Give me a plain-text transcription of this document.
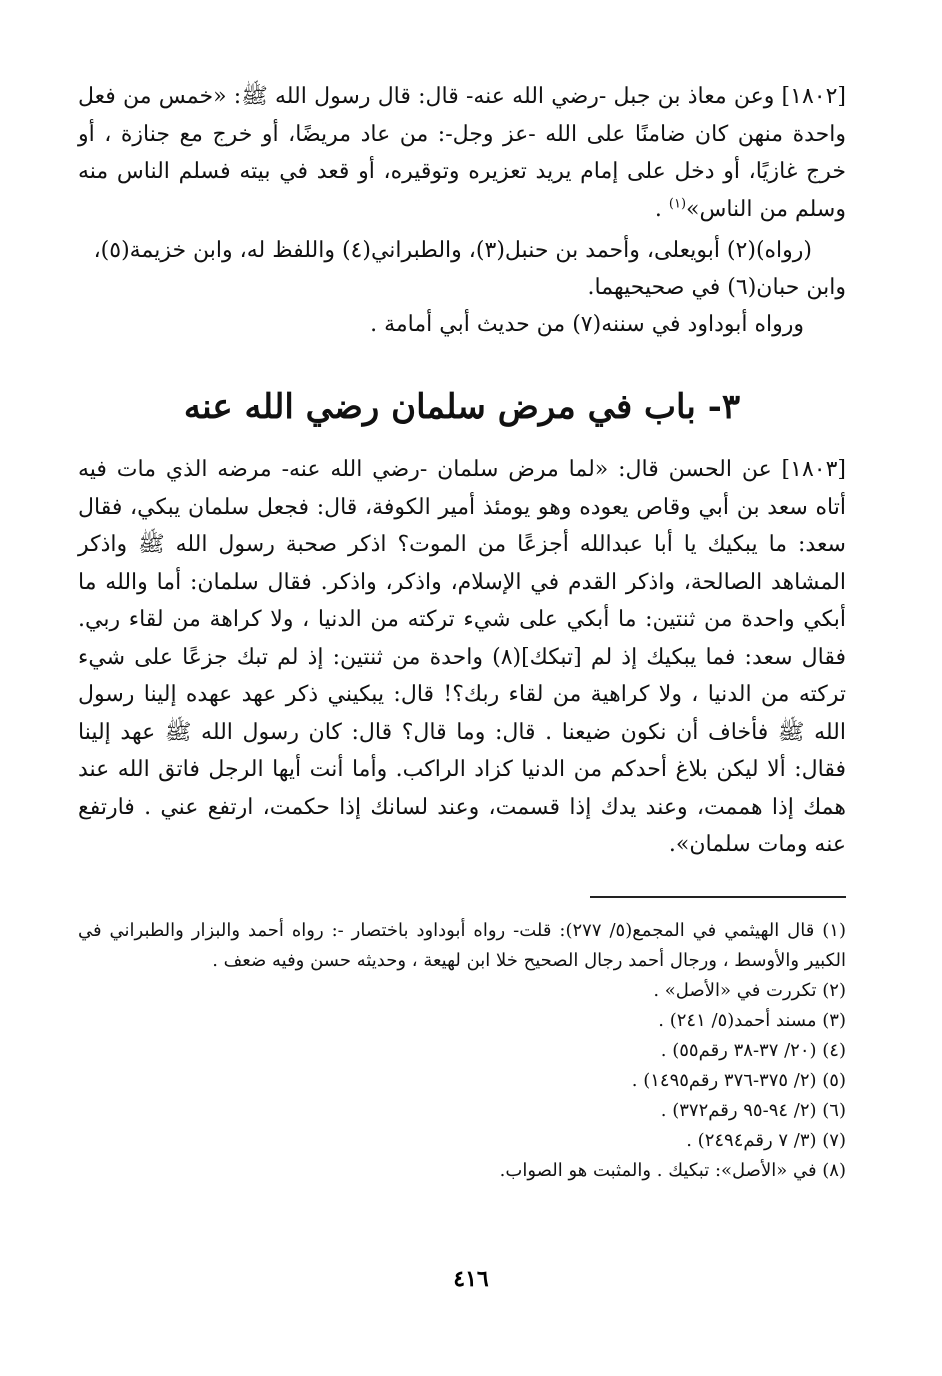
[١٨٠٢] وعن معاذ بن جبل -رضي الله عنه- قال: قال رسول الله ﷺ: «خمس من فعل واحدة منهن كان ضامنًا على الله -عز وجل-: من عاد مريضًا، أو خرج مع جنازة ، أو خرج غازيًا، أو دخل على إمام يريد تعزيره وتوقيره، أو قعد في بيته فسلم الناس منه وسلم من الناس»$^{(١)}$ .

(رواه)(٢) أبويعلى، وأحمد بن حنبل(٣)، والطبراني(٤) واللفظ له، وابن خزيمة(٥)،
وابن حبان(٦) في صحيحيهما.
ورواه أبوداود في سننه(٧) من حديث أبي أمامة .
٣- باب في مرض سلمان رضي الله عنه

[١٨٠٣] عن الحسن قال: «لما مرض سلمان -رضي الله عنه- مرضه الذي مات فيه أتاه سعد بن أبي وقاص يعوده وهو يومئذ أمير الكوفة، قال: فجعل سلمان يبكي، فقال سعد: ما يبكيك يا أبا عبدالله أجزعًا من الموت؟ اذكر صحبة رسول الله ﷺ واذكر المشاهد الصالحة، واذكر القدم في الإسلام، واذكر، واذكر. فقال سلمان: أما والله ما أبكي واحدة من ثنتين: ما أبكي على شيء تركته من الدنيا ، ولا كراهة من لقاء ربي. فقال سعد: فما يبكيك إذ لم [تبكك](٨) واحدة من ثنتين: إذ لم تبك جزعًا على شيء تركته من الدنيا ، ولا كراهية من لقاء ربك؟! قال: يبكيني ذكر عهد عهده إلينا رسول الله ﷺ فأخاف أن نكون ضيعنا . قال: وما قال؟ قال: كان رسول الله ﷺ عهد إلينا فقال: ألا ليكن بلاغ أحدكم من الدنيا كزاد الراكب. وأما أنت أيها الرجل فاتق الله عند همك إذا هممت، وعند يدك إذا قسمت، وعند لسانك إذا حكمت، ارتفع عني . فارتفع عنه ومات سلمان».

(١) قال الهيثمي في المجمع(٥/ ٢٧٧): قلت- رواه أبوداود باختصار -: رواه أحمد والبزار والطبراني في الكبير والأوسط ، ورجال أحمد رجال الصحيح خلا ابن لهيعة ، وحديثه حسن وفيه ضعف .
(٢) تكررت في «الأصل» .
(٣) مسند أحمد(٥/ ٢٤١) .
(٤) (٢٠/ ٣٧-٣٨ رقم٥٥) .
(٥) (٢/ ٣٧٥-٣٧٦ رقم١٤٩٥) .
(٦) (٢/ ٩٤-٩٥ رقم٣٧٢) .
(٧) (٣/ ٧ رقم٢٤٩٤) .
(٨) في «الأصل»: تبكيك . والمثبت هو الصواب.
٤١٦
